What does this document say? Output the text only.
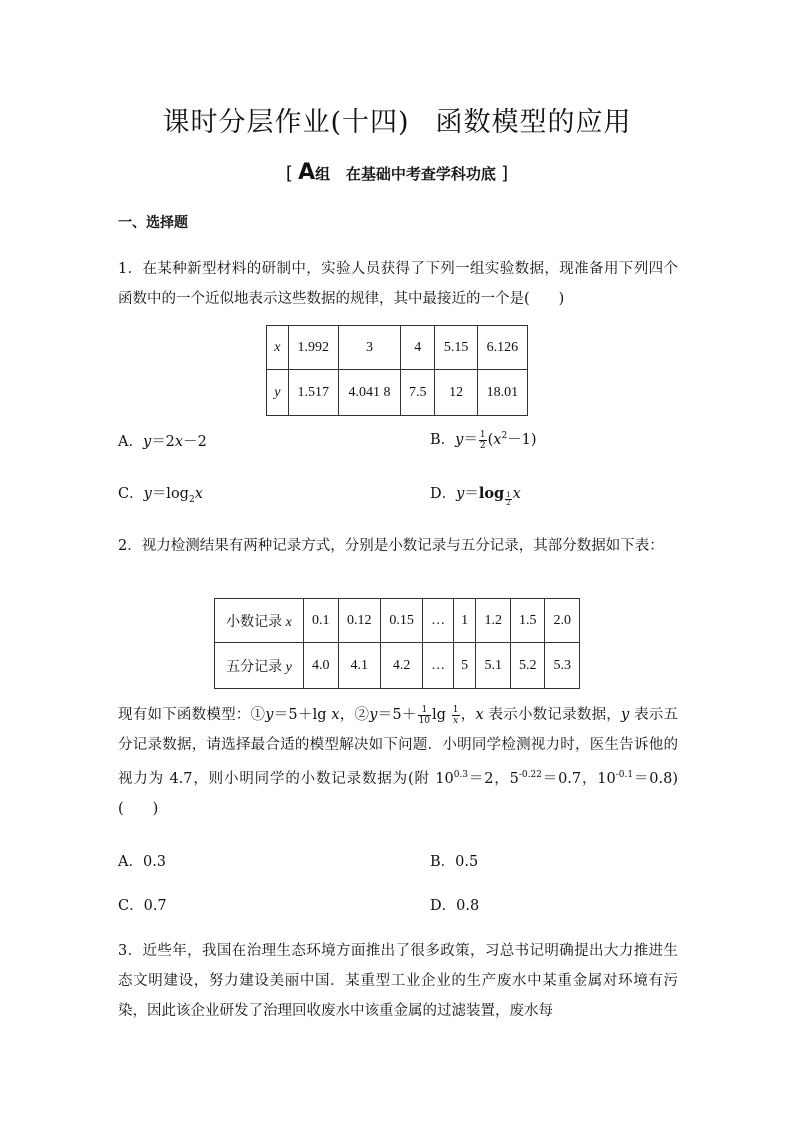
课时分层作业(十四) 函数模型的应用
[ A组 在基础中考查学科功底 ]
一、选择题
1．在某种新型材料的研制中，实验人员获得了下列一组实验数据，现准备用下列四个函数中的一个近似地表示这些数据的规律，其中最接近的一个是(　　)
x	1.992	3	4	5.15	6.126
y	1.517	4.041 8	7.5	12	18.01
A．y＝2x－2	B．$y= \frac{1}{2} (x^2-1)$
C．$y=\log_2x$	D．y＝log $_{\frac{1}{2}}$ x
2．视力检测结果有两种记录方式，分别是小数记录与五分记录，其部分数据如下表：
小数记录 x	0.1	0.12	0.15	…	1	1.2	1.5	2.0
五分记录 y	4.0	4.1	4.2	…	5	5.1	5.2	5.3
现有如下函数模型：①y＝5＋lg x，②y＝5＋ $\frac{1}{10}$ $\lg \frac{1}{x}$ ，x 表示小数记录数据，y 表示五分记录数据，请选择最合适的模型解决如下问题．小明同学检测视力时，医生告诉他的视力为 4.7，则小明同学的小数记录数据为(附 $10^{0.3}=2$，$5^{-0.22}=0.7$，$10^{-0.1}=0.8$)(　　)
A．0.3	B．0.5
C．0.7	D．0.8
3．近些年，我国在治理生态环境方面推出了很多政策，习总书记明确提出大力推进生态文明建设，努力建设美丽中国．某重型工业企业的生产废水中某重金属对环境有污染，因此该企业研发了治理回收废水中该重金属的过滤装置，废水每
